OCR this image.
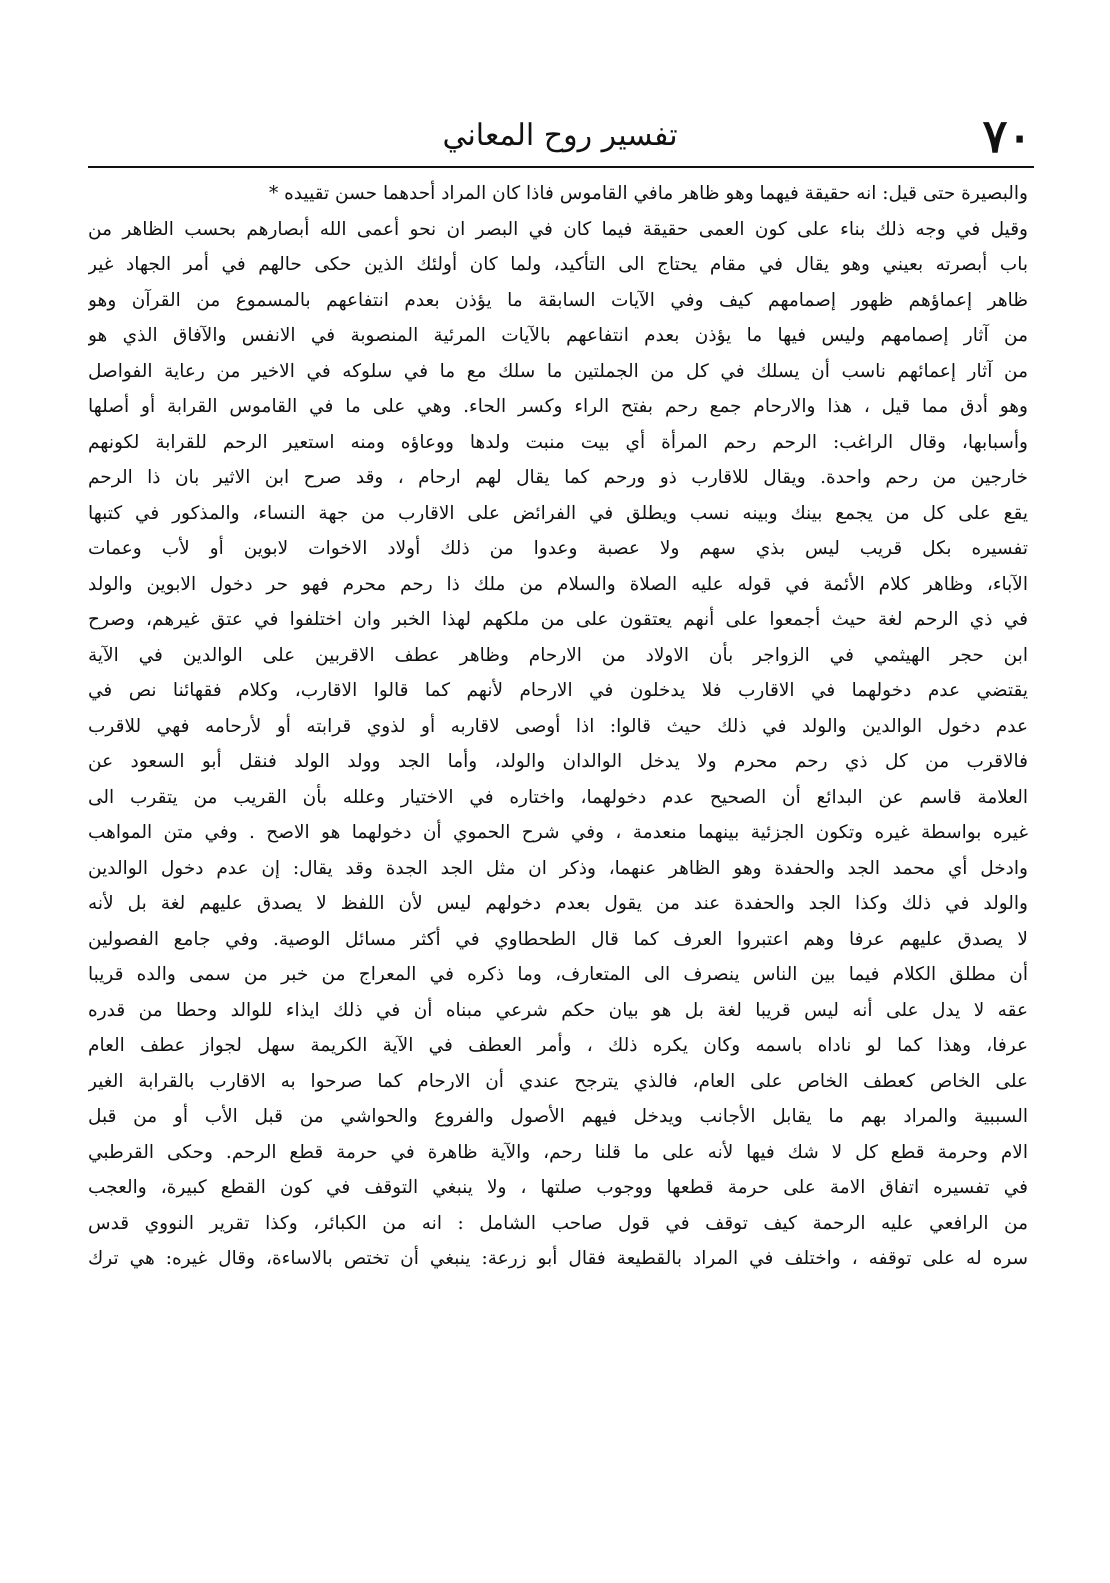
٧٠
تفسير روح المعاني
والبصيرة حتى قيل: انه حقيقة فيهما وهو ظاهر مافي القاموس فاذا كان المراد أحدهما حسن تقييده *
وقيل في وجه ذلك بناء على كون العمى حقيقة فيما كان في البصر ان نحو أعمى الله أبصارهم بحسب الظاهر من
باب أبصرته بعيني وهو يقال في مقام يحتاج الى التأكيد، ولما كان أولئك الذين حكى حالهم في أمر الجهاد غير
ظاهر إعماؤهم ظهور إصمامهم كيف وفي الآيات السابقة ما يؤذن بعدم انتفاعهم بالمسموع من القرآن وهو
من آثار إصمامهم وليس فيها ما يؤذن بعدم انتفاعهم بالآيات المرئية المنصوبة في الانفس والآفاق الذي هو
من آثار إعمائهم ناسب أن يسلك في كل من الجملتين ما سلك مع ما في سلوكه في الاخير من رعاية الفواصل
وهو أدق مما قيل ، هذا والارحام جمع رحم بفتح الراء وكسر الحاء. وهي على ما في القاموس القرابة أو أصلها
وأسبابها، وقال الراغب: الرحم رحم المرأة أي بيت منبت ولدها ووعاؤه ومنه استعير الرحم للقرابة لكونهم
خارجين من رحم واحدة. ويقال للاقارب ذو ورحم كما يقال لهم ارحام ، وقد صرح ابن الاثير بان ذا الرحم
يقع على كل من يجمع بينك وبينه نسب ويطلق في الفرائض على الاقارب من جهة النساء، والمذكور في كتبها
تفسيره بكل قريب ليس بذي سهم ولا عصبة وعدوا من ذلك أولاد الاخوات لابوين أو لأب وعمات
الآباء، وظاهر كلام الأئمة في قوله عليه الصلاة والسلام من ملك ذا رحم محرم فهو حر دخول الابوين والولد
في ذي الرحم لغة حيث أجمعوا على أنهم يعتقون على من ملكهم لهذا الخبر وان اختلفوا في عتق غيرهم، وصرح
ابن حجر الهيثمي في الزواجر بأن الاولاد من الارحام وظاهر عطف الاقربين على الوالدين في الآية
يقتضي عدم دخولهما في الاقارب فلا يدخلون في الارحام لأنهم كما قالوا الاقارب، وكلام فقهائنا نص في
عدم دخول الوالدين والولد في ذلك حيث قالوا: اذا أوصى لاقاربه أو لذوي قرابته أو لأرحامه فهي للاقرب
فالاقرب من كل ذي رحم محرم ولا يدخل الوالدان والولد، وأما الجد وولد الولد فنقل أبو السعود عن
العلامة قاسم عن البدائع أن الصحيح عدم دخولهما، واختاره في الاختيار وعلله بأن القريب من يتقرب الى
غيره بواسطة غيره وتكون الجزئية بينهما منعدمة ، وفي شرح الحموي أن دخولهما هو الاصح . وفي متن المواهب
وادخل أي محمد الجد والحفدة وهو الظاهر عنهما، وذكر ان مثل الجد الجدة وقد يقال: إن عدم دخول الوالدين
والولد في ذلك وكذا الجد والحفدة عند من يقول بعدم دخولهم ليس لأن اللفظ لا يصدق عليهم لغة بل لأنه
لا يصدق عليهم عرفا وهم اعتبروا العرف كما قال الطحطاوي في أكثر مسائل الوصية. وفي جامع الفصولين
أن مطلق الكلام فيما بين الناس ينصرف الى المتعارف، وما ذكره في المعراج من خبر من سمى والده قريبا
عقه لا يدل على أنه ليس قريبا لغة بل هو بيان حكم شرعي مبناه أن في ذلك ايذاء للوالد وحطا من قدره
عرفا، وهذا كما لو ناداه باسمه وكان يكره ذلك ، وأمر العطف في الآية الكريمة سهل لجواز عطف العام
على الخاص كعطف الخاص على العام، فالذي يترجح عندي أن الارحام كما صرحوا به الاقارب بالقرابة الغير
السببية والمراد بهم ما يقابل الأجانب ويدخل فيهم الأصول والفروع والحواشي من قبل الأب أو من قبل
الام وحرمة قطع كل لا شك فيها لأنه على ما قلنا رحم، والآية ظاهرة في حرمة قطع الرحم. وحكى القرطبي
في تفسيره اتفاق الامة على حرمة قطعها ووجوب صلتها ، ولا ينبغي التوقف في كون القطع كبيرة، والعجب
من الرافعي عليه الرحمة كيف توقف في قول صاحب الشامل : انه من الكبائر، وكذا تقرير النووي قدس
سره له على توقفه ، واختلف في المراد بالقطيعة فقال أبو زرعة: ينبغي أن تختص بالاساءة، وقال غيره: هي ترك
